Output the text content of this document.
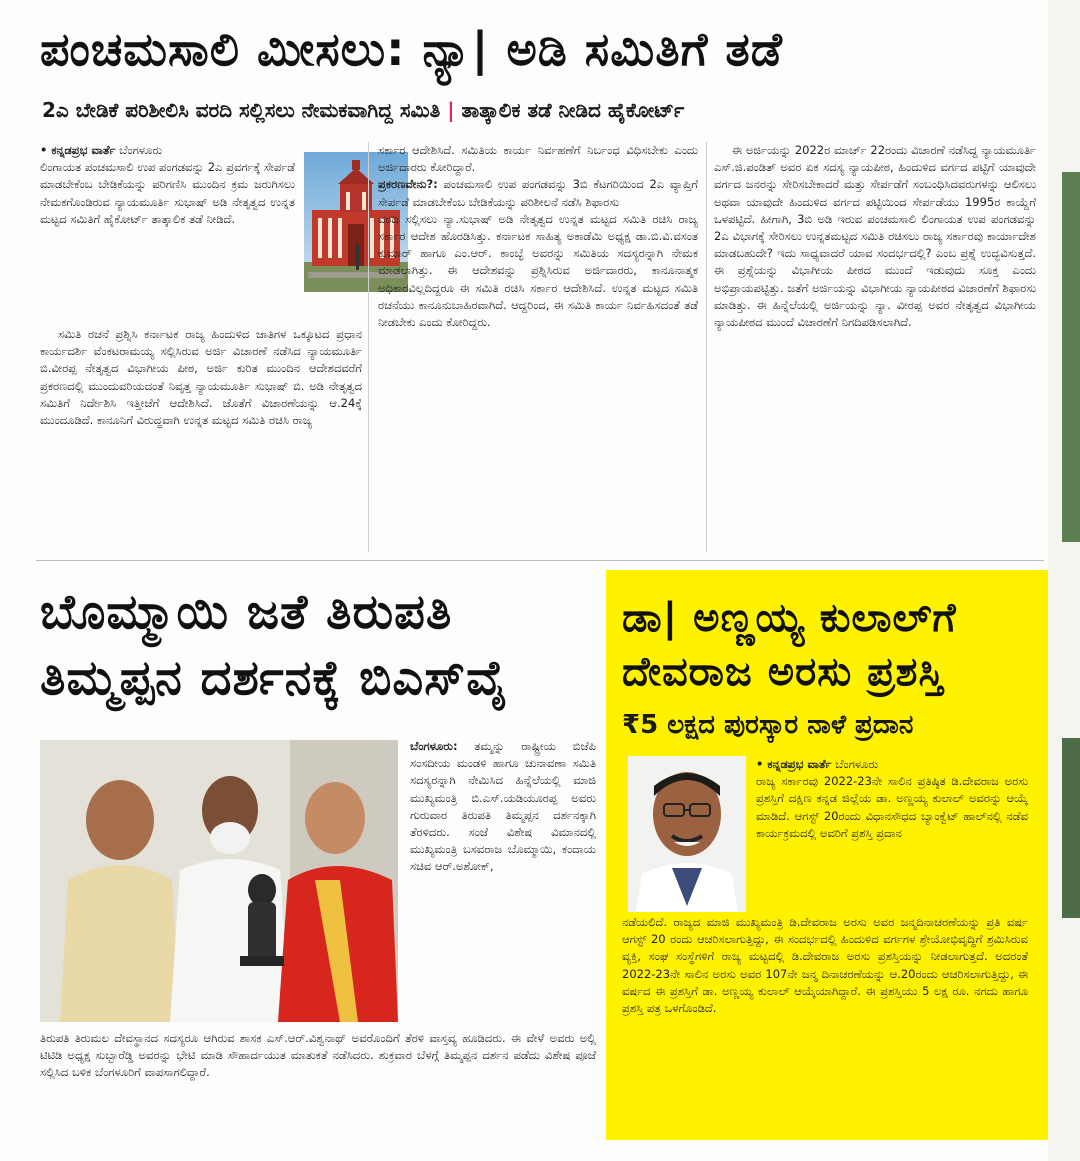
ಪಂಚಮಸಾಲಿ ಮೀಸಲು: ನ್ಯಾ| ಅಡಿ ಸಮಿತಿಗೆ ತಡೆ
2ಎ ಬೇಡಿಕೆ ಪರಿಶೀಲಿಸಿ ವರದಿ ಸಲ್ಲಿಸಲು ನೇಮಕವಾಗಿದ್ದ ಸಮಿತಿ | ತಾತ್ಕಾಲಿಕ ತಡೆ ನೀಡಿದ ಹೈಕೋರ್ಟ್

• ಕನ್ನಡಪ್ರಭ ವಾರ್ತೆ ಬೆಂಗಳೂರು

ಲಿಂಗಾಯತ ಪಂಚಮಸಾಲಿ ಉಪ ಪಂಗಡವನ್ನು 2ಎ ಪ್ರವರ್ಗಕ್ಕೆ ಸೇರ್ಪಡೆ ಮಾಡಬೇಕೆಂಬ ಬೇಡಿಕೆಯನ್ನು ಪರಿಗಣಿಸಿ ಮುಂದಿನ ಕ್ರಮ ಜರುಗಿಸಲು ನೇಮಕಗೊಂಡಿರುವ ನ್ಯಾಯಮೂರ್ತಿ ಸುಭಾಷ್ ಅಡಿ ನೇತೃತ್ವದ ಉನ್ನತ ಮಟ್ಟದ ಸಮಿತಿಗೆ ಹೈಕೋರ್ಟ್ ತಾತ್ಕಾಲಿಕ ತಡೆ ನೀಡಿದೆ.

ಸಮಿತಿ ರಚನೆ ಪ್ರಶ್ನಿಸಿ ಕರ್ನಾಟಕ ರಾಜ್ಯ ಹಿಂದುಳಿದ ಜಾತಿಗಳ ಒಕ್ಕೂಟದ ಪ್ರಧಾನ ಕಾರ್ಯದರ್ಶಿ ವೆಂಕಟರಾಮಯ್ಯ ಸಲ್ಲಿಸಿರುವ ಅರ್ಜಿ ವಿಚಾರಣೆ ನಡೆಸಿದ ನ್ಯಾಯಮೂರ್ತಿ ಬಿ.ವೀರಪ್ಪ ನೇತೃತ್ವದ ವಿಭಾಗೀಯ ಪೀಠ, ಅರ್ಜಿ ಕುರಿತ ಮುಂದಿನ ಆದೇಶದವರೆಗೆ ಪ್ರಕರಣದಲ್ಲಿ ಮುಂದುವರಿಯದಂತೆ ನಿವೃತ್ತ ನ್ಯಾಯಮೂರ್ತಿ ಸುಭಾಷ್ ಬಿ. ಅಡಿ ನೇತೃತ್ವದ ಸಮಿತಿಗೆ ನಿರ್ದೇಶಿಸಿ ಇತ್ತೀಚೆಗೆ ಆದೇಶಿಸಿದೆ. ಜೊತೆಗೆ ವಿಚಾರಣೆಯನ್ನು ಆ.24ಕ್ಕೆ ಮುಂದೂಡಿದೆ. ಕಾನೂನಿಗೆ ವಿರುದ್ಧವಾಗಿ ಉನ್ನತ ಮಟ್ಟದ ಸಮಿತಿ ರಚಿಸಿ ರಾಜ್ಯ

ಸರ್ಕಾರ ಆದೇಶಿಸಿದೆ. ಸಮಿತಿಯ ಕಾರ್ಯ ನಿರ್ವಹಣೆಗೆ ನಿರ್ಬಂಧ ವಿಧಿಸಬೇಕು ಎಂದು ಅರ್ಜಿದಾರರು ಕೋರಿದ್ದಾರೆ.

ಪ್ರಕರಣವೇನು?: ಪಂಚಮಸಾಲಿ ಉಪ ಪಂಗಡವನ್ನು 3ಬಿ ಕೆಟಗರಿಯಿಂದ 2ಎ ವ್ಯಾಪ್ತಿಗೆ ಸೇರ್ಪಡೆ ಮಾಡಬೇಕೆಂಬ ಬೇಡಿಕೆಯನ್ನು ಪರಿಶೀಲನೆ ನಡೆಸಿ ಶಿಫಾರಸು

ವರದಿ ಸಲ್ಲಿಸಲು ನ್ಯಾ.ಸುಭಾಷ್ ಅಡಿ ನೇತೃತ್ವದ ಉನ್ನತ ಮಟ್ಟದ ಸಮಿತಿ ರಚಿಸಿ ರಾಜ್ಯ ಸರ್ಕಾರ ಆದೇಶ ಹೊರಡಿಸಿತ್ತು. ಕರ್ನಾಟಕ ಸಾಹಿತ್ಯ ಅಕಾಡೆಮಿ ಅಧ್ಯಕ್ಷ ಡಾ.ಬಿ.ವಿ.ವಸಂತ ಕುಮಾರ್ ಹಾಗೂ ಎಂ.ಆರ್. ಕಾಂಬ್ಳೆ ಅವರನ್ನು ಸಮಿತಿಯ ಸದಸ್ಯರನ್ನಾಗಿ ನೇಮಕ ಮಾಡಲಾಗಿತ್ತು. ಈ ಆದೇಶವನ್ನು ಪ್ರಶ್ನಿಸಿರುವ ಅರ್ಜಿದಾರರು, ಕಾನೂನಾತ್ಮಕ ಅಧಿಕಾರವಿಲ್ಲದಿದ್ದರೂ ಈ ಸಮಿತಿ ರಚಿಸಿ ಸರ್ಕಾರ ಆದೇಶಿಸಿದೆ. ಉನ್ನತ ಮಟ್ಟದ ಸಮಿತಿ ರಚನೆಯು ಕಾನೂನುಬಾಹಿರವಾಗಿದೆ. ಆದ್ದರಿಂದ, ಈ ಸಮಿತಿ ಕಾರ್ಯ ನಿರ್ವಹಿಸದಂತೆ ತಡೆ ನೀಡಬೇಕು ಎಂದು ಕೋರಿದ್ದರು.

ಈ ಅರ್ಜಿಯನ್ನು 2022ರ ಮಾರ್ಚ್ 22ರಂದು ವಿಚಾರಣೆ ನಡೆಸಿದ್ದ ನ್ಯಾಯಮೂರ್ತಿ ಎಸ್.ಜಿ.ಪಂಡಿತ್ ಅವರ ಏಕ ಸದಸ್ಯ ನ್ಯಾಯಪೀಠ, ಹಿಂದುಳಿದ ವರ್ಗದ ಪಟ್ಟಿಗೆ ಯಾವುದೇ ವರ್ಗದ ಜನರನ್ನು ಸೇರಿಸಬೇಕಾದರೆ ಮತ್ತು ಸೇರ್ಪಡೆಗೆ ಸಂಬಂಧಿಸಿದವರುಗಳನ್ನು ಆಲಿಸಲು ಅಥವಾ ಯಾವುದೇ ಹಿಂದುಳಿದ ವರ್ಗದ ಪಟ್ಟಿಯಿಂದ ಸೇರ್ಪಡೆಯು 1995ರ ಕಾಯ್ದೆಗೆ ಒಳಪಟ್ಟಿದೆ. ಹೀಗಾಗಿ, 3ಬಿ ಅಡಿ ಇರುವ ಪಂಚಮಸಾಲಿ ಲಿಂಗಾಯತ ಉಪ ಪಂಗಡವನ್ನು 2ಎ ವಿಭಾಗಕ್ಕೆ ಸೇರಿಸಲು ಉನ್ನತಮಟ್ಟದ ಸಮಿತಿ ರಚಿಸಲು ರಾಜ್ಯ ಸರ್ಕಾರವು ಕಾರ್ಯಾದೇಶ ಮಾಡಬಹುದೇ? ಇದು ಸಾಧ್ಯವಾದರೆ ಯಾವ ಸಂದರ್ಭದಲ್ಲಿ? ಎಂಬ ಪ್ರಶ್ನೆ ಉದ್ಭವಿಸುತ್ತದೆ. ಈ ಪ್ರಶ್ನೆಯನ್ನು ವಿಭಾಗೀಯ ಪೀಠದ ಮುಂದೆ ಇಡುವುದು ಸೂಕ್ತ ಎಂದು ಅಭಿಪ್ರಾಯಪಟ್ಟಿತ್ತು. ಜತೆಗೆ ಅರ್ಜಿಯನ್ನು ವಿಭಾಗೀಯ ನ್ಯಾಯಪೀಠದ ವಿಚಾರಣೆಗೆ ಶಿಫಾರಸು ಮಾಡಿತ್ತು. ಈ ಹಿನ್ನೆಲೆಯಲ್ಲಿ ಅರ್ಜಿಯನ್ನು ನ್ಯಾ. ವೀರಪ್ಪ ಅವರ ನೇತೃತ್ವದ ವಿಭಾಗೀಯ ನ್ಯಾಯಪೀಠದ ಮುಂದೆ ವಿಚಾರಣೆಗೆ ನಿಗದಿಪಡಿಸಲಾಗಿದೆ.

ಬೊಮ್ಮಾಯಿ ಜತೆ ತಿರುಪತಿ
ತಿಮ್ಮಪ್ಪನ ದರ್ಶನಕ್ಕೆ ಬಿಎಸ್‌ವೈ

ಬೆಂಗಳೂರು: ತಮ್ಮನ್ನು ರಾಷ್ಟ್ರೀಯ ಬಿಜೆಪಿ ಸಂಸದೀಯ ಮಂಡಳಿ ಹಾಗೂ ಚುನಾವಣಾ ಸಮಿತಿ ಸದಸ್ಯರನ್ನಾಗಿ ನೇಮಿಸಿದ ಹಿನ್ನೆಲೆಯಲ್ಲಿ ಮಾಜಿ ಮುಖ್ಯಮಂತ್ರಿ ಬಿ.ಎಸ್.ಯಡಿಯೂರಪ್ಪ ಅವರು ಗುರುವಾರ ತಿರುಪತಿ ತಿಮ್ಮಪ್ಪನ ದರ್ಶನಕ್ಕಾಗಿ ತೆರಳಿದರು. ಸಂಜೆ ವಿಶೇಷ ವಿಮಾನದಲ್ಲಿ ಮುಖ್ಯಮಂತ್ರಿ ಬಸವರಾಜ ಬೊಮ್ಮಾಯಿ, ಕಂದಾಯ ಸಚಿವ ಆರ್.ಅಶೋಕ್,

ತಿರುಪತಿ ತಿರುಮಲ ದೇವಸ್ಥಾನದ ಸದಸ್ಯರೂ ಆಗಿರುವ ಶಾಸಕ ಎಸ್.ಆರ್.ವಿಶ್ವನಾಥ್ ಅವರೊಂದಿಗೆ ತೆರಳಿ ವಾಸ್ತವ್ಯ ಹೂಡಿದರು. ಈ ವೇಳೆ ಅವರು ಅಲ್ಲಿ ಟಿಟಿಡಿ ಅಧ್ಯಕ್ಷ ಸುಬ್ಬಾರೆಡ್ಡಿ ಅವರನ್ನು ಭೇಟಿ ಮಾಡಿ ಸೌಹಾರ್ದಯುತ ಮಾತುಕತೆ ನಡೆಸಿದರು. ಶುಕ್ರವಾರ ಬೆಳಗ್ಗೆ ತಿಮ್ಮಪ್ಪನ ದರ್ಶನ ಪಡೆದು ವಿಶೇಷ ಪೂಜೆ ಸಲ್ಲಿಸಿದ ಬಳಿಕ ಬೆಂಗಳೂರಿಗೆ ವಾಪಸಾಗಲಿದ್ದಾರೆ.

ಡಾ| ಅಣ್ಣಯ್ಯ ಕುಲಾಲ್‌ಗೆ
ದೇವರಾಜ ಅರಸು ಪ್ರಶಸ್ತಿ
₹5 ಲಕ್ಷದ ಪುರಸ್ಕಾರ ನಾಳೆ ಪ್ರದಾನ

• ಕನ್ನಡಪ್ರಭ ವಾರ್ತೆ ಬೆಂಗಳೂರು

ರಾಜ್ಯ ಸರ್ಕಾರವು 2022-23ನೇ ಸಾಲಿನ ಪ್ರತಿಷ್ಠಿತ ಡಿ.ದೇವರಾಜ ಅರಸು ಪ್ರಶಸ್ತಿಗೆ ದಕ್ಷಿಣ ಕನ್ನಡ ಜಿಲ್ಲೆಯ ಡಾ. ಅಣ್ಣಯ್ಯ ಕುಲಾಲ್ ಅವರನ್ನು ಆಯ್ಕೆ ಮಾಡಿದೆ. ಆಗಸ್ಟ್ 20ರಂದು ವಿಧಾನಸೌಧದ ಬ್ಯಾಂಕ್ವೆಟ್ ಹಾಲ್‌ನಲ್ಲಿ ನಡೆವ ಕಾರ್ಯಕ್ರಮದಲ್ಲಿ ಅವರಿಗೆ ಪ್ರಶಸ್ತಿ ಪ್ರದಾನ

ನಡೆಯಲಿದೆ. ರಾಜ್ಯದ ಮಾಜಿ ಮುಖ್ಯಮಂತ್ರಿ ಡಿ.ದೇವರಾಜ ಅರಸು ಅವರ ಜನ್ಮದಿನಾಚರಣೆಯನ್ನು ಪ್ರತಿ ವರ್ಷ ಆಗಸ್ಟ್ 20 ರಂದು ಆಚರಿಸಲಾಗುತ್ತಿದ್ದು, ಈ ಸಂದರ್ಭದಲ್ಲಿ ಹಿಂದುಳಿದ ವರ್ಗಗಳ ಶ್ರೇಯೋಭಿವೃದ್ಧಿಗೆ ಶ್ರಮಿಸಿರುವ ವ್ಯಕ್ತಿ, ಸಂಘ ಸಂಸ್ಥೆಗಳಿಗೆ ರಾಜ್ಯ ಮಟ್ಟದಲ್ಲಿ ಡಿ.ದೇವರಾಜ ಅರಸು ಪ್ರಶಸ್ತಿಯನ್ನು ನೀಡಲಾಗುತ್ತದೆ. ಅದರಂತೆ 2022-23ನೇ ಸಾಲಿನ ಅರಸು ಅವರ 107ನೇ ಜನ್ಮ ದಿನಾಚರಣೆಯನ್ನು ಆ.20ರಂದು ಆಚರಿಸಲಾಗುತ್ತಿದ್ದು, ಈ ವರ್ಷದ ಈ ಪ್ರಶಸ್ತಿಗೆ ಡಾ. ಅಣ್ಣಯ್ಯ ಕುಲಾಲ್ ಆಯ್ಕೆಯಾಗಿದ್ದಾರೆ. ಈ ಪ್ರಶಸ್ತಿಯು 5 ಲಕ್ಷ ರೂ. ನಗದು ಹಾಗೂ ಪ್ರಶಸ್ತಿ ಪತ್ರ ಒಳಗೊಂಡಿದೆ.
